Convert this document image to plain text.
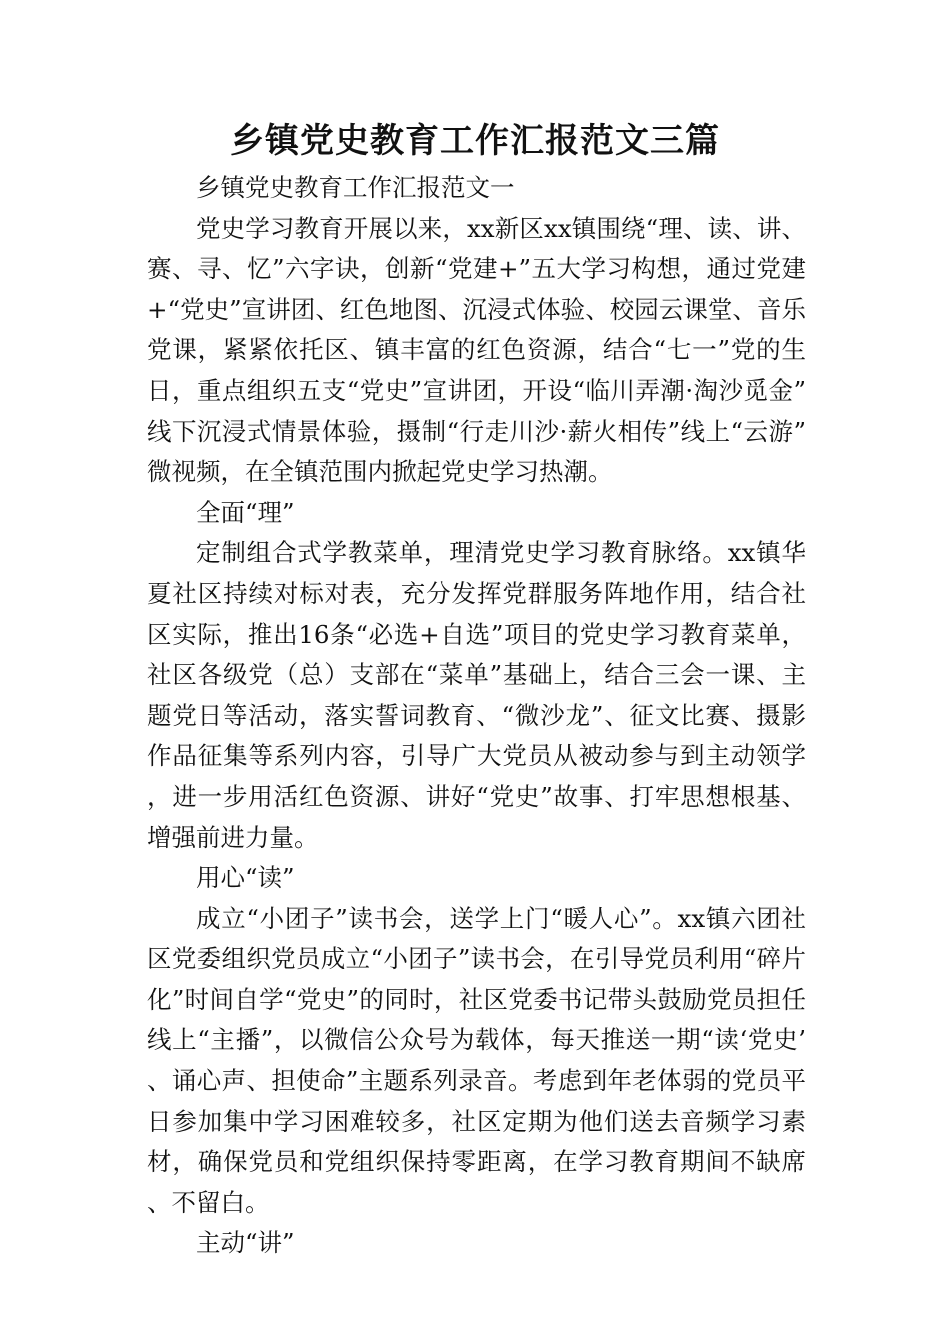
乡镇党史教育工作汇报范文三篇

乡镇党史教育工作汇报范文一

党史学习教育开展以来，xx新区xx镇围绕“理、读、讲、赛、寻、忆”六字诀，创新“党建+”五大学习构想，通过党建+“党史”宣讲团、红色地图、沉浸式体验、校园云课堂、音乐党课，紧紧依托区、镇丰富的红色资源，结合“七一”党的生日，重点组织五支“党史”宣讲团，开设“临川弄潮·淘沙觅金”线下沉浸式情景体验，摄制“行走川沙·薪火相传”线上“云游”微视频，在全镇范围内掀起党史学习热潮。

全面“理”

定制组合式学教菜单，理清党史学习教育脉络。xx镇华夏社区持续对标对表，充分发挥党群服务阵地作用，结合社区实际，推出16条“必选+自选”项目的党史学习教育菜单，社区各级党（总）支部在“菜单”基础上，结合三会一课、主题党日等活动，落实誓词教育、“微沙龙”、征文比赛、摄影作品征集等系列内容，引导广大党员从被动参与到主动领学，进一步用活红色资源、讲好“党史”故事、打牢思想根基、增强前进力量。

用心“读”

成立“小团子”读书会，送学上门“暖人心”。xx镇六团社区党委组织党员成立“小团子”读书会，在引导党员利用“碎片化”时间自学“党史”的同时，社区党委书记带头鼓励党员担任线上“主播”，以微信公众号为载体，每天推送一期“读‘党史’、诵心声、担使命”主题系列录音。考虑到年老体弱的党员平日参加集中学习困难较多，社区定期为他们送去音频学习素材，确保党员和党组织保持零距离，在学习教育期间不缺席、不留白。

主动“讲”
